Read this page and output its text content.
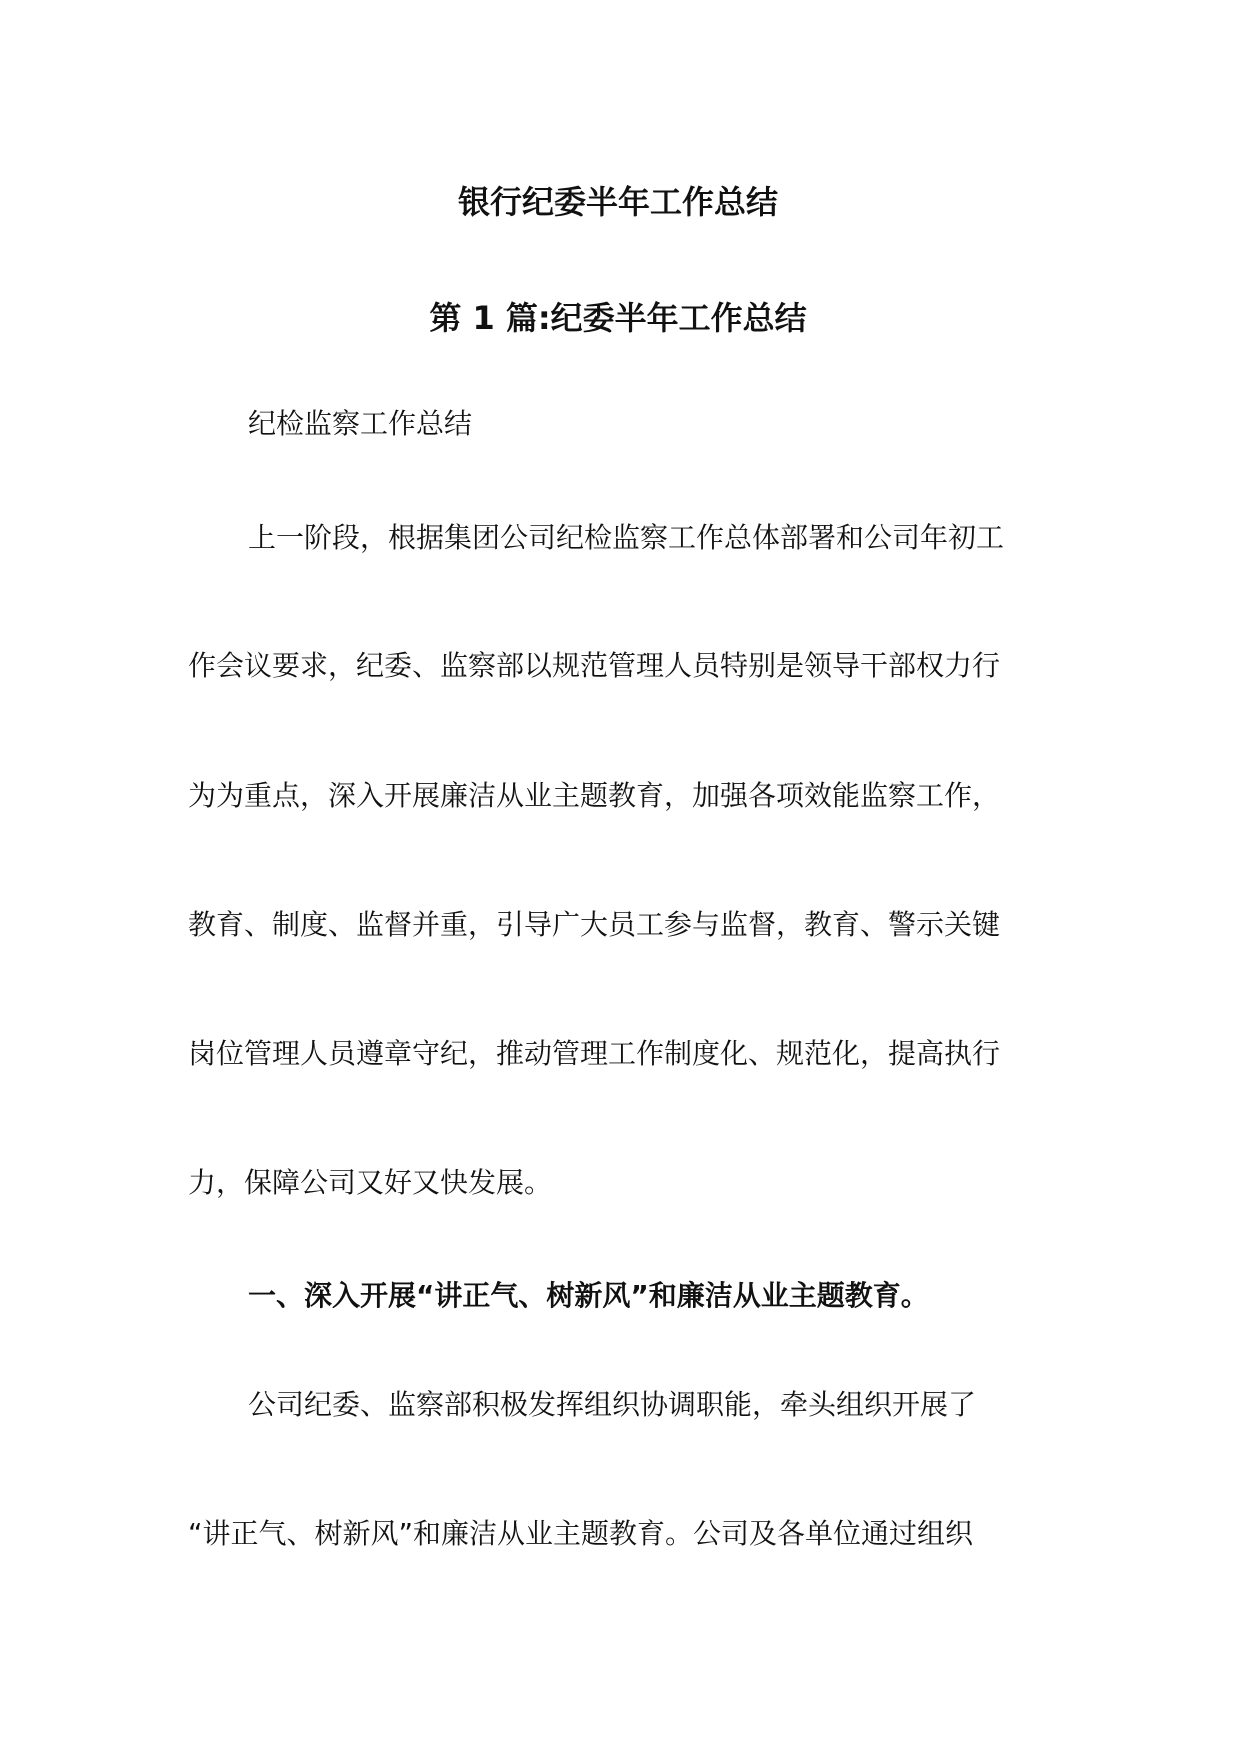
银行纪委半年工作总结
第 1 篇:纪委半年工作总结
纪检监察工作总结
上一阶段，根据集团公司纪检监察工作总体部署和公司年初工
作会议要求，纪委、监察部以规范管理人员特别是领导干部权力行
为为重点，深入开展廉洁从业主题教育，加强各项效能监察工作，
教育、制度、监督并重，引导广大员工参与监督，教育、警示关键
岗位管理人员遵章守纪，推动管理工作制度化、规范化，提高执行
力，保障公司又好又快发展。
一、深入开展“讲正气、树新风”和廉洁从业主题教育。
公司纪委、监察部积极发挥组织协调职能，牵头组织开展了
“讲正气、树新风”和廉洁从业主题教育。公司及各单位通过组织
